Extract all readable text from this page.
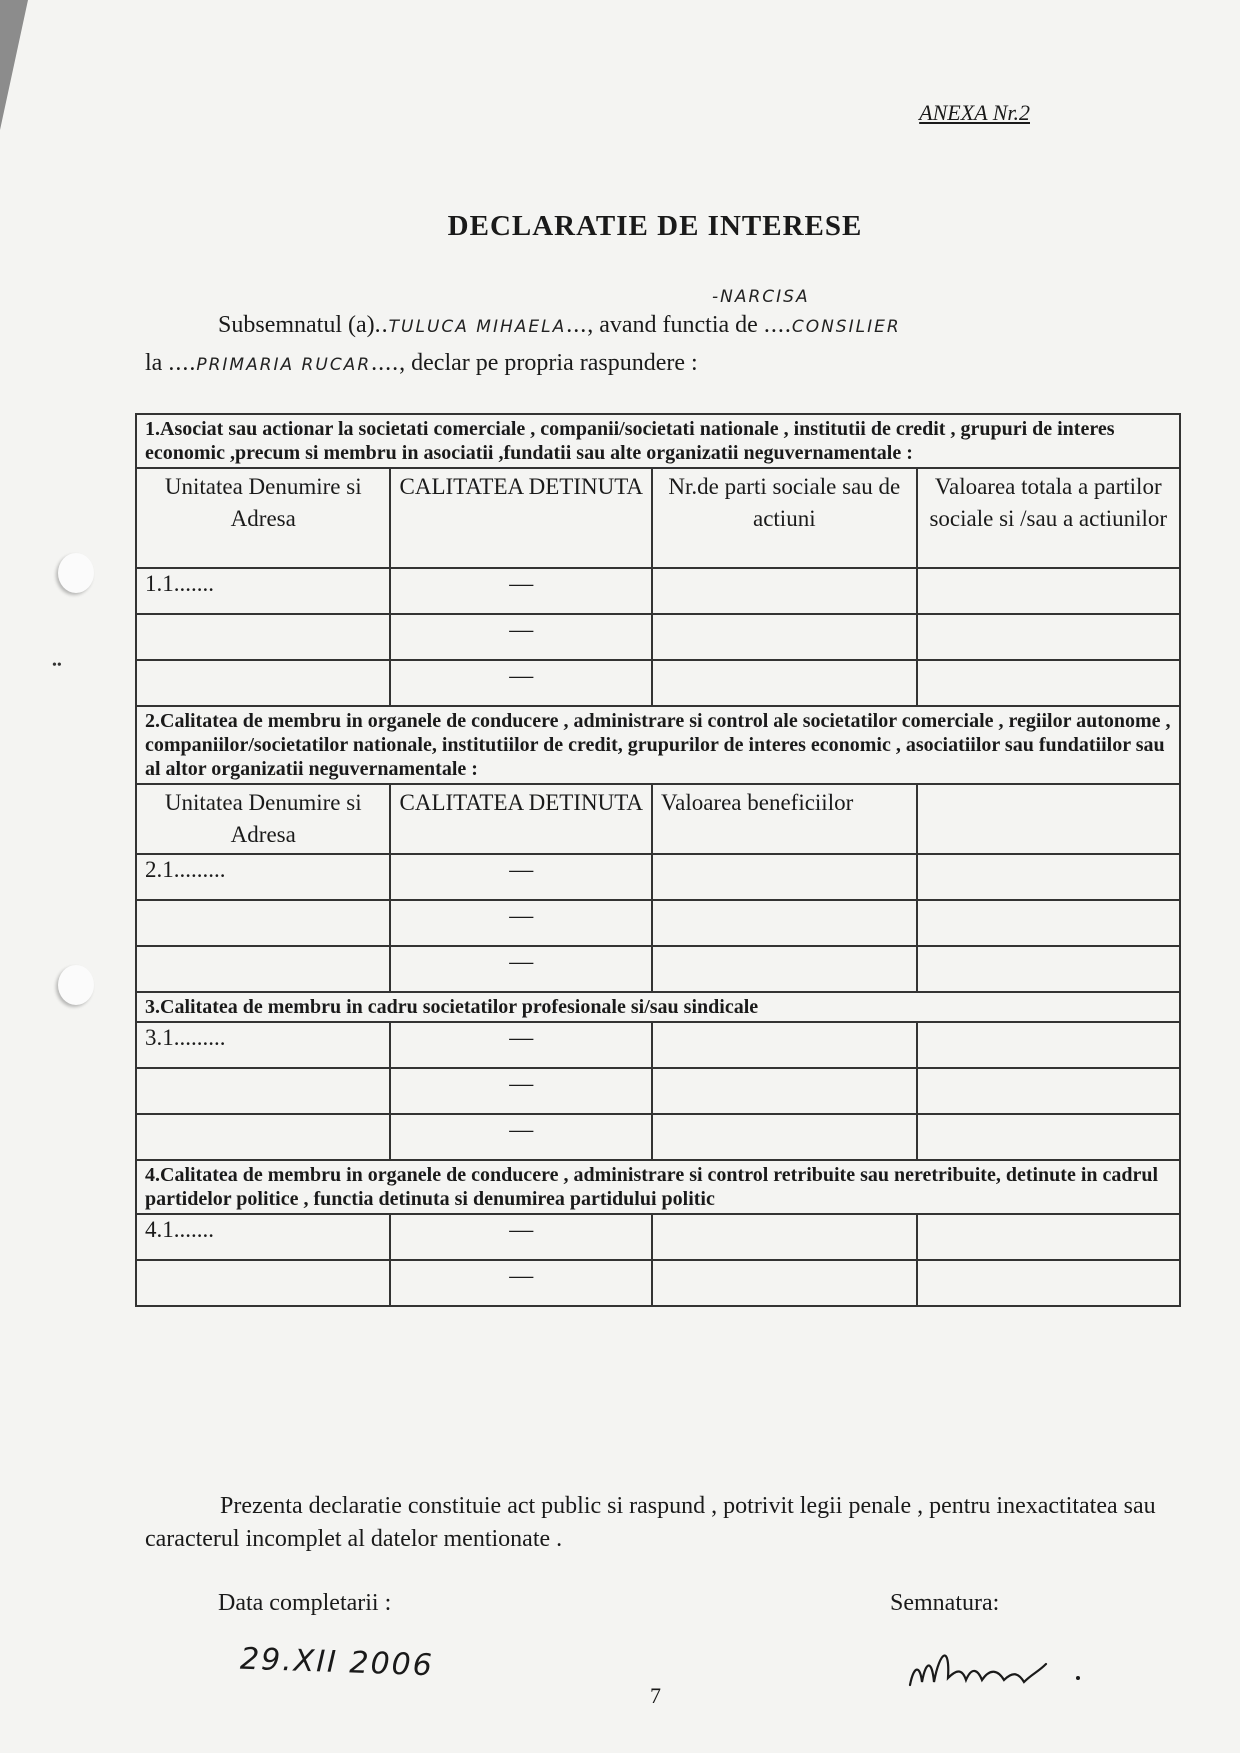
••
ANEXA Nr.2
DECLARATIE DE INTERESE
-NARCISA
Subsemnatul (a)..TULUCA MIHAELA..., avand functia de ....CONSILIER
la ....PRIMARIA RUCAR...., declar pe propria raspundere :
1.Asociat sau actionar la societati comerciale , companii/societati nationale , institutii de credit , grupuri de interes economic ,precum si membru in asociatii ,fundatii sau alte organizatii neguvernamentale :			
Unitatea Denumire si Adresa	CALITATEA DETINUTA	Nr.de parti sociale sau de actiuni	Valoarea totala a partilor sociale si /sau a actiunilor
1.1.......	—		
	—		
	—		
2.Calitatea de membru in organele de conducere , administrare si control ale societatilor comerciale , regiilor autonome , companiilor/societatilor nationale, institutiilor de credit, grupurilor de interes economic , asociatiilor sau fundatiilor sau al altor organizatii neguvernamentale :			
Unitatea Denumire si Adresa	CALITATEA DETINUTA	Valoarea beneficiilor	
2.1.........	—		
	—		
	—		
3.Calitatea de membru in cadru societatilor profesionale si/sau sindicale			
3.1.........	—		
	—		
	—		
4.Calitatea de membru in organele de conducere , administrare si control retribuite sau neretribuite, detinute in cadrul partidelor politice , functia detinuta si denumirea partidului politic			
4.1.......	—		
	—		
Prezenta declaratie constituie act public si raspund , potrivit legii penale , pentru inexactitatea sau caracterul incomplet al datelor mentionate .
Data completarii :	Semnatura:
29.XII 2006
7
